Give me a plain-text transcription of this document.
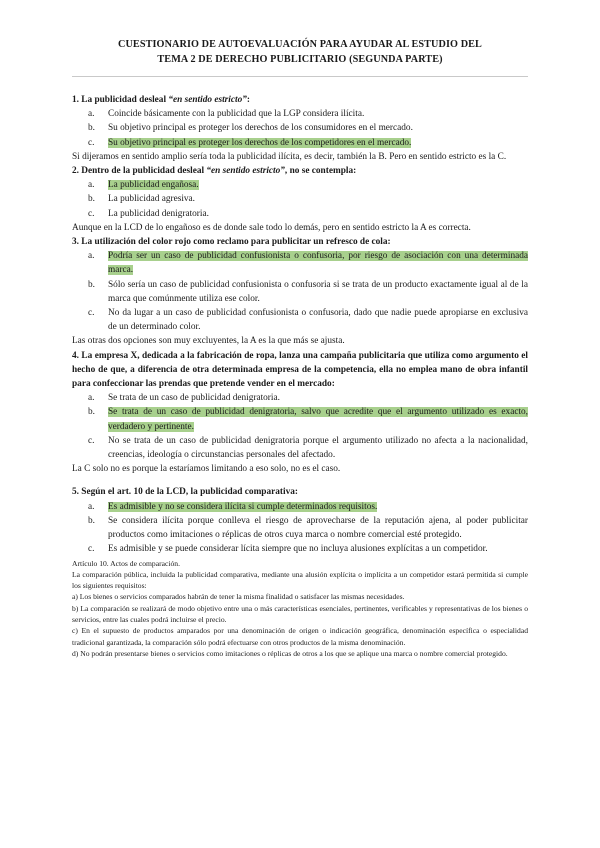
CUESTIONARIO DE AUTOEVALUACIÓN PARA AYUDAR AL ESTUDIO DEL
TEMA 2 DE DERECHO PUBLICITARIO (SEGUNDA PARTE)
1. La publicidad desleal “en sentido estricto”:
a.	Coincide básicamente con la publicidad que la LGP considera ilícita.
b.	Su objetivo principal es proteger los derechos de los consumidores en el mercado.
c.	Su objetivo principal es proteger los derechos de los competidores en el mercado.
Si dijeramos en sentido amplio sería toda la publicidad ilícita, es decir, también la B. Pero en sentido estricto es la C.
2. Dentro de la publicidad desleal “en sentido estricto”, no se contempla:
a.	La publicidad engañosa.
b.	La publicidad agresiva.
c.	La publicidad denigratoria.
Aunque en la LCD de lo engañoso es de donde sale todo lo demás, pero en sentido estricto la A es correcta.
3. La utilización del color rojo como reclamo para publicitar un refresco de cola:
a.	Podría ser un caso de publicidad confusionista o confusoria, por riesgo de asociación con una determinada marca.
b.	Sólo sería un caso de publicidad confusionista o confusoria si se trata de un producto exactamente igual al de la marca que comúnmente utiliza ese color.
c.	No da lugar a un caso de publicidad confusionista o confusoria, dado que nadie puede apropiarse en exclusiva de un determinado color.
Las otras dos opciones son muy excluyentes, la A es la que más se ajusta.
4. La empresa X, dedicada a la fabricación de ropa, lanza una campaña publicitaria que utiliza como argumento el hecho de que, a diferencia de otra determinada empresa de la competencia, ella no emplea mano de obra infantil para confeccionar las prendas que pretende vender en el mercado:
a.	Se trata de un caso de publicidad denigratoria.
b.	Se trata de un caso de publicidad denigratoria, salvo que acredite que el argumento utilizado es exacto, verdadero y pertinente.
c.	No se trata de un caso de publicidad denigratoria porque el argumento utilizado no afecta a la nacionalidad, creencias, ideología o circunstancias personales del afectado.
La C solo no es porque la estaríamos limitando a eso solo, no es el caso.
5. Según el art. 10 de la LCD, la publicidad comparativa:
a.	Es admisible y no se considera ilícita si cumple determinados requisitos.
b.	Se considera ilícita porque conlleva el riesgo de aprovecharse de la reputación ajena, al poder publicitar productos como imitaciones o réplicas de otros cuya marca o nombre comercial esté protegido.
c.	Es admisible y se puede considerar lícita siempre que no incluya alusiones explícitas a un competidor.
Artículo 10. Actos de comparación.
La comparación pública, incluida la publicidad comparativa, mediante una alusión explícita o implícita a un competidor estará permitida si cumple los siguientes requisitos:
a) Los bienes o servicios comparados habrán de tener la misma finalidad o satisfacer las mismas necesidades.
b) La comparación se realizará de modo objetivo entre una o más características esenciales, pertinentes, verificables y representativas de los bienes o servicios, entre las cuales podrá incluirse el precio.
c) En el supuesto de productos amparados por una denominación de origen o indicación geográfica, denominación específica o especialidad tradicional garantizada, la comparación sólo podrá efectuarse con otros productos de la misma denominación.
d) No podrán presentarse bienes o servicios como imitaciones o réplicas de otros a los que se aplique una marca o nombre comercial protegido.
